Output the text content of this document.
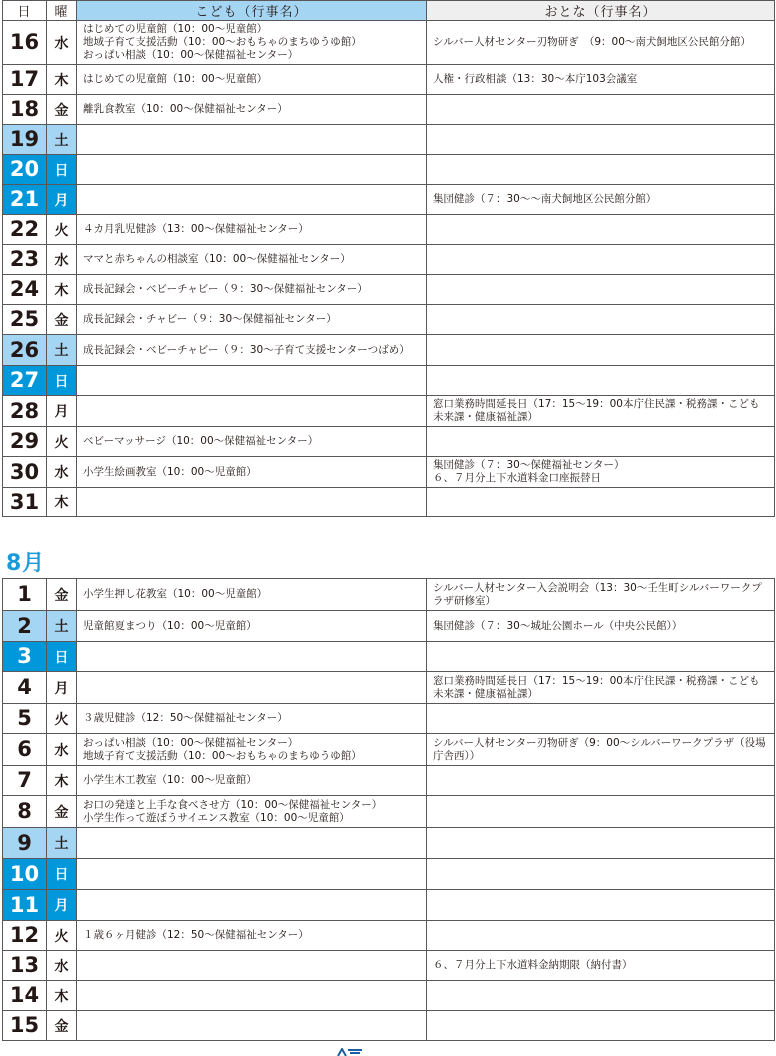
日	曜	こども（行事名）	おとな（行事名）
16	水	はじめての児童館（10：00～児童館）
地域子育て支援活動（10：00～おもちゃのまちゆうゆ館）
おっぱい相談（10：00～保健福祉センター）	シルバー人材センター刃物研ぎ　（9：00～南犬飼地区公民館分館）
17	木	はじめての児童館（10：00～児童館）	人権・行政相談（13：30～本庁103会議室
18	金	離乳食教室（10：00～保健福祉センター）	
19	土		
20	日		
21	月		集団健診（７：30～～南犬飼地区公民館分館）
22	火	４カ月乳児健診（13：00～保健福祉センター）	
23	水	ママと赤ちゃんの相談室（10：00～保健福祉センター）	
24	木	成長記録会・ベビーチャビー（９：30～保健福祉センター）	
25	金	成長記録会・チャビー（９：30～保健福祉センター）	
26	土	成長記録会・ベビーチャビー（９：30～子育て支援センターつばめ）	
27	日		
28	月		窓口業務時間延長日（17：15～19：00本庁住民課・税務課・こども未来課・健康福祉課）
29	火	ベビーマッサージ（10：00～保健福祉センター）	
30	水	小学生絵画教室（10：00～児童館）	集団健診（７：30～保健福祉センター）
６、７月分上下水道料金口座振替日
31	木		
8月
1	金	小学生押し花教室（10：00～児童館）	シルバー人材センター入会説明会（13：30～壬生町シルバーワークプラザ研修室）
2	土	児童館夏まつり（10：00～児童館）	集団健診（７：30～城址公園ホール（中央公民館））
3	日		
4	月		窓口業務時間延長日（17：15～19：00本庁住民課・税務課・こども未来課・健康福祉課）
5	火	３歳児健診（12：50～保健福祉センター）	
6	水	おっぱい相談（10：00～保健福祉センター）
地域子育て支援活動（10：00～おもちゃのまちゆうゆ館）	シルバー人材センター刃物研ぎ（9：00～シルバーワークプラザ（役場庁舎西））
7	木	小学生木工教室（10：00～児童館）	
8	金	お口の発達と上手な食べさせ方（10：00～保健福祉センター）
小学生作って遊ぼうサイエンス教室（10：00～児童館）	
9	土		
10	日		
11	月		
12	火	１歳６ヶ月健診（12：50～保健福祉センター）	
13	水		６、７月分上下水道料金納期限（納付書）
14	木		
15	金		
